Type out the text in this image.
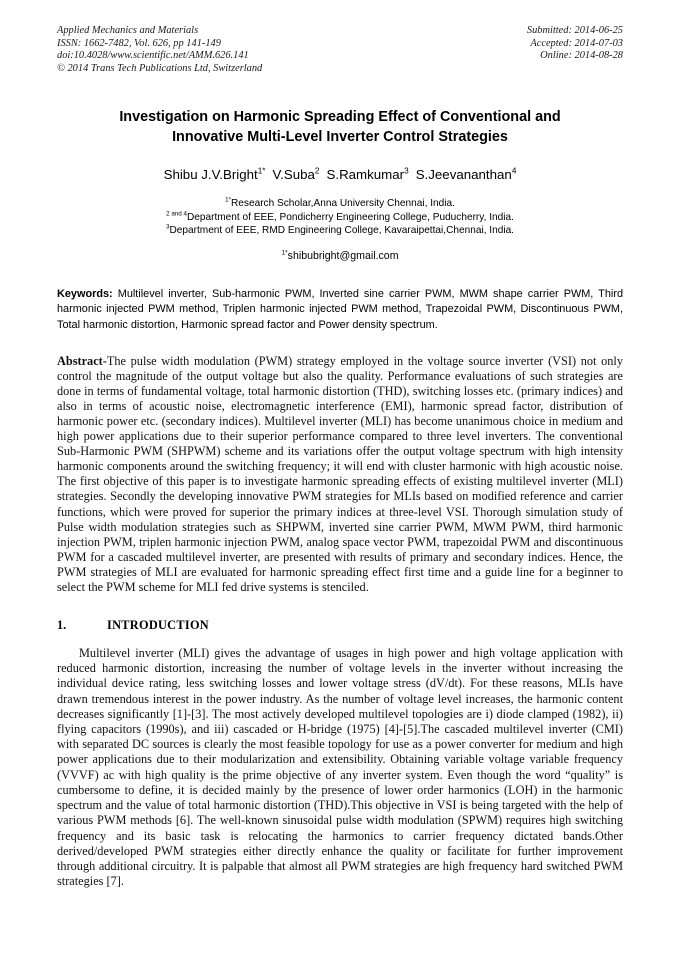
Applied Mechanics and Materials
ISSN: 1662-7482, Vol. 626, pp 141-149
doi:10.4028/www.scientific.net/AMM.626.141
© 2014 Trans Tech Publications Ltd, Switzerland
Submitted: 2014-06-25
Accepted: 2014-07-03
Online: 2014-08-28
Investigation on Harmonic Spreading Effect of Conventional and
Innovative Multi-Level Inverter Control Strategies
Shibu J.V.Bright$^{1*}$ V.Suba$^2$ S.Ramkumar$^3$ S.Jeevananthan$^4$
$^{1*}$Research Scholar,Anna University Chennai, India.
$^{2 and 4}$Department of EEE, Pondicherry Engineering College, Puducherry, India.
$^3$Department of EEE, RMD Engineering College, Kavaraipettai,Chennai, India.
$^{1*}$shibubright@gmail.com
Keywords: Multilevel inverter, Sub-harmonic PWM, Inverted sine carrier PWM, MWM shape carrier PWM, Third harmonic injected PWM method, Triplen harmonic injected PWM method, Trapezoidal PWM, Discontinuous PWM, Total harmonic distortion, Harmonic spread factor and Power density spectrum.
Abstract-The pulse width modulation (PWM) strategy employed in the voltage source inverter (VSI) not only control the magnitude of the output voltage but also the quality. Performance evaluations of such strategies are done in terms of fundamental voltage, total harmonic distortion (THD), switching losses etc. (primary indices) and also in terms of acoustic noise, electromagnetic interference (EMI), harmonic spread factor, distribution of harmonic power etc. (secondary indices). Multilevel inverter (MLI) has become unanimous choice in medium and high power applications due to their superior performance compared to three level inverters. The conventional Sub-Harmonic PWM (SHPWM) scheme and its variations offer the output voltage spectrum with high intensity harmonic components around the switching frequency; it will end with cluster harmonic with high acoustic noise. The first objective of this paper is to investigate harmonic spreading effects of existing multilevel inverter (MLI) strategies. Secondly the developing innovative PWM strategies for MLIs based on modified reference and carrier functions, which were proved for superior the primary indices at three-level VSI. Thorough simulation study of Pulse width modulation strategies such as SHPWM, inverted sine carrier PWM, MWM PWM, third harmonic injection PWM, triplen harmonic injection PWM, analog space vector PWM, trapezoidal PWM and discontinuous PWM for a cascaded multilevel inverter, are presented with results of primary and secondary indices. Hence, the PWM strategies of MLI are evaluated for harmonic spreading effect first time and a guide line for a beginner to select the PWM scheme for MLI fed drive systems is stenciled.
1.	INTRODUCTION
Multilevel inverter (MLI) gives the advantage of usages in high power and high voltage application with reduced harmonic distortion, increasing the number of voltage levels in the inverter without increasing the individual device rating, less switching losses and lower voltage stress (dV/dt). For these reasons, MLIs have drawn tremendous interest in the power industry. As the number of voltage level increases, the harmonic content decreases significantly [1]-[3]. The most actively developed multilevel topologies are i) diode clamped (1982), ii) flying capacitors (1990s), and iii) cascaded or H-bridge (1975) [4]-[5].The cascaded multilevel inverter (CMI) with separated DC sources is clearly the most feasible topology for use as a power converter for medium and high power applications due to their modularization and extensibility. Obtaining variable voltage variable frequency (VVVF) ac with high quality is the prime objective of any inverter system. Even though the word “quality” is cumbersome to define, it is decided mainly by the presence of lower order harmonics (LOH) in the harmonic spectrum and the value of total harmonic distortion (THD).This objective in VSI is being targeted with the help of various PWM methods [6]. The well-known sinusoidal pulse width modulation (SPWM) requires high switching frequency and its basic task is relocating the harmonics to carrier frequency dictated bands.Other derived/developed PWM strategies either directly enhance the quality or facilitate for further improvement through additional circuitry. It is palpable that almost all PWM strategies are high frequency hard switched PWM strategies [7].
